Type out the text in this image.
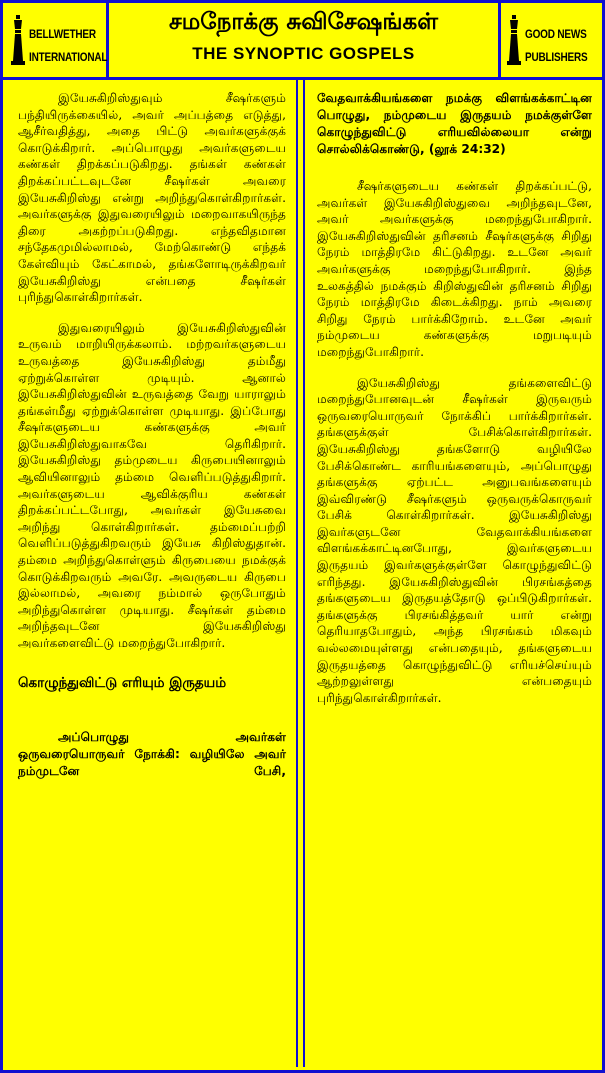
BELLWETHER
INTERNATIONAL
சமநோக்கு சுவிசேஷங்கள்
THE SYNOPTIC GOSPELS
GOOD NEWS
PUBLISHERS

இயேசுகிறிஸ்துவும் சீஷர்களும் பந்தியிருக்கையில், அவர் அப்பத்தை எடுத்து, ஆசீர்வதித்து, அதை பிட்டு அவர்களுக்குக் கொடுக்கிறார். அப்பொழுது அவர்களுடைய கண்கள் திறக்கப்படுகிறது. தங்கள் கண்கள் திறக்கப்பட்டவுடனே சீஷர்கள் அவரை இயேசுகிறிஸ்து என்று அறிந்துகொள்கிறார்கள். அவர்களுக்கு இதுவரையிலும் மறைவாகயிருந்த திரை அகற்றப்படுகிறது. எந்தவிதமான சந்தேகமுமில்லாமல், மேற்கொண்டு எந்தக் கேள்வியும் கேட்காமல், தங்களோடிருக்கிறவர் இயேசுகிறிஸ்து என்பதை சீஷர்கள் புரிந்துகொள்கிறார்கள்.

இதுவரையிலும் இயேசுகிறிஸ்துவின் உருவம் மாறியிருக்கலாம். மற்றவர்களுடைய உருவத்தை இயேசுகிறிஸ்து தம்மீது ஏற்றுக்கொள்ள முடியும். ஆனால் இயேசுகிறிஸ்துவின் உருவத்தை வேறு யாராலும் தங்கள்மீது ஏற்றுக்கொள்ள முடியாது. இப்போது சீஷர்களுடைய கண்களுக்கு அவர் இயேசுகிறிஸ்துவாகவே தெரிகிறார். இயேசுகிறிஸ்து தம்முடைய கிருபையினாலும் ஆவியினாலும் தம்மை வெளிப்படுத்துகிறார். அவர்களுடைய ஆவிக்குரிய கண்கள் திறக்கப்பட்டபோது, அவர்கள் இயேசுவை அறிந்து கொள்கிறார்கள். தம்மைப்பற்றி வெளிப்படுத்துகிறவரும் இயேசு கிறிஸ்துதான். தம்மை அறிந்துகொள்ளும் கிருபையை நமக்குக் கொடுக்கிறவரும் அவரே. அவருடைய கிருபை இல்லாமல், அவரை நம்மால் ஒருபோதும் அறிந்துகொள்ள முடியாது. சீஷர்கள் தம்மை அறிந்தவுடனே இயேசுகிறிஸ்து அவர்களைவிட்டு மறைந்துபோகிறார்.

கொழுந்துவிட்டு எரியும் இருதயம்

அப்பொழுது அவர்கள் ஒருவரையொருவர் நோக்கி: வழியிலே அவர் நம்முடனே பேசி,

வேதவாக்கியங்களை நமக்கு விளங்கக்காட்டின பொழுது, நம்முடைய இருதயம் நமக்குள்ளே கொழுந்துவிட்டு எரியவில்லையா என்று சொல்லிக்கொண்டு, (லூக் 24:32)

சீஷர்களுடைய கண்கள் திறக்கப்பட்டு, அவர்கள் இயேசுகிறிஸ்துவை அறிந்தவுடனே, அவர் அவர்களுக்கு மறைந்துபோகிறார். இயேசுகிறிஸ்துவின் தரிசனம் சீஷர்களுக்கு சிறிது நேரம் மாத்திரமே கிட்டுகிறது. உடனே அவர் அவர்களுக்கு மறைந்துபோகிறார். இந்த உலகத்தில் நமக்கும் கிறிஸ்துவின் தரிசனம் சிறிது நேரம் மாத்திரமே கிடைக்கிறது. நாம் அவரை சிறிது நேரம் பார்க்கிறோம். உடனே அவர் நம்முடைய கண்களுக்கு மறுபடியும் மறைந்துபோகிறார்.

இயேசுகிறிஸ்து தங்களைவிட்டு மறைந்துபோனவுடன் சீஷர்கள் இருவரும் ஒருவரையொருவர் நோக்கிப் பார்க்கிறார்கள். தங்களுக்குள் பேசிக்கொள்கிறார்கள். இயேசுகிறிஸ்து தங்களோடு வழியிலே பேசிக்கொண்ட காரியங்களையும், அப்பொழுது தங்களுக்கு ஏற்பட்ட அனுபவங்களையும் இவ்விரண்டு சீஷர்களும் ஒருவருக்கொருவர் பேசிக் கொள்கிறார்கள். இயேசுகிறிஸ்து இவர்களுடனே வேதவாக்கியங்களை விளங்கக்காட்டினபோது, இவர்களுடைய இருதயம் இவர்களுக்குள்ளே கொழுந்துவிட்டு எரிந்தது. இயேசுகிறிஸ்துவின் பிரசங்கத்தை தங்களுடைய இருதயத்தோடு ஒப்பிடுகிறார்கள். தங்களுக்கு பிரசங்கித்தவர் யார் என்று தெரியாதபோதும், அந்த பிரசங்கம் மிகவும் வல்லமையுள்ளது என்பதையும், தங்களுடைய இருதயத்தை கொழுந்துவிட்டு எரியச்செய்யும் ஆற்றலுள்ளது என்பதையும் புரிந்துகொள்கிறார்கள்.
